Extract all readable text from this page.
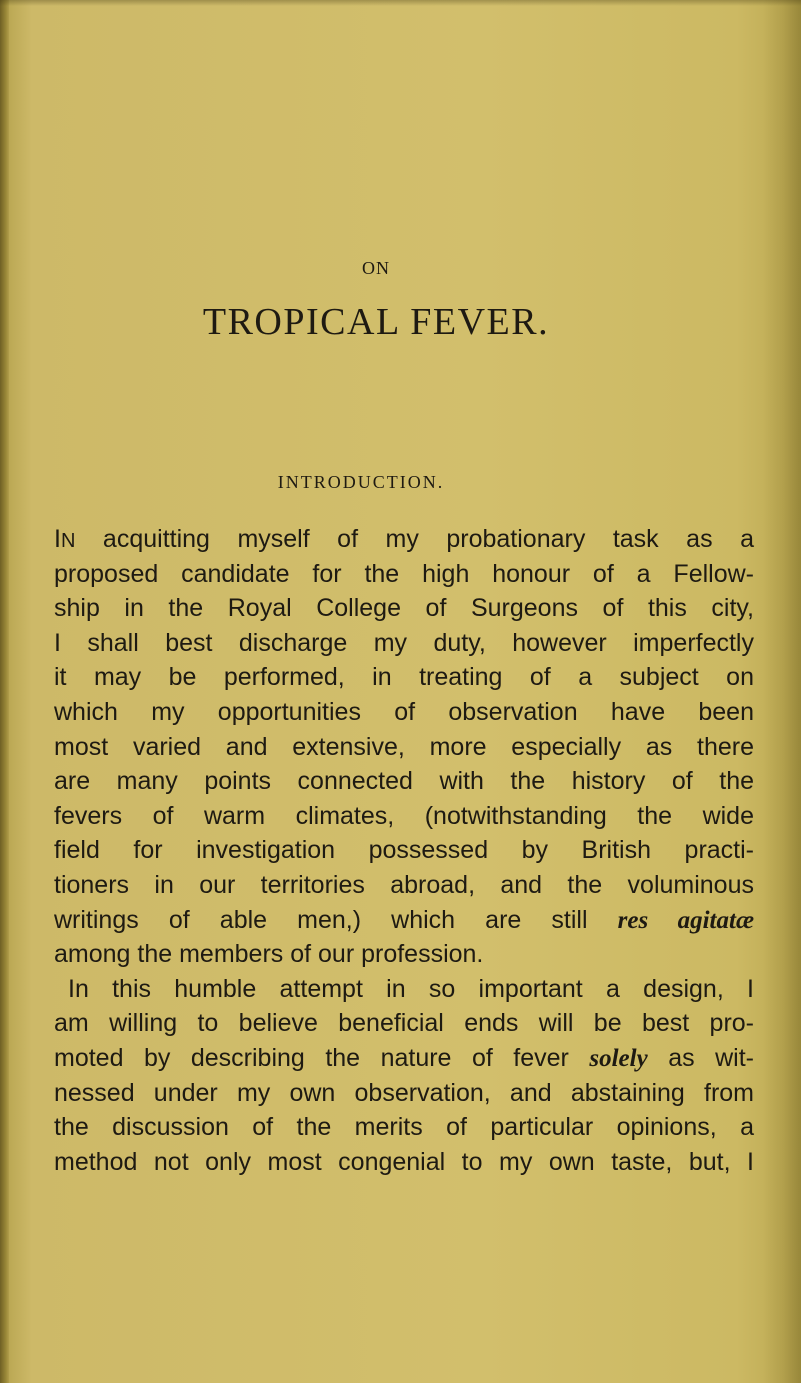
ON
TROPICAL FEVER.
INTRODUCTION.
IN acquitting myself of my probationary task as a
proposed candidate for the high honour of a Fellow-
ship in the Royal College of Surgeons of this city,
I shall best discharge my duty, however imperfectly
it may be performed, in treating of a subject on
which my opportunities of observation have been
most varied and extensive, more especially as there
are many points connected with the history of the
fevers of warm climates, (notwithstanding the wide
field for investigation possessed by British practi-
tioners in our territories abroad, and the voluminous
writings of able men,) which are still res agitatæ
among the members of our profession.
In this humble attempt in so important a design, I
am willing to believe beneficial ends will be best pro-
moted by describing the nature of fever solely as wit-
nessed under my own observation, and abstaining from
the discussion of the merits of particular opinions, a
method not only most congenial to my own taste, but, I
